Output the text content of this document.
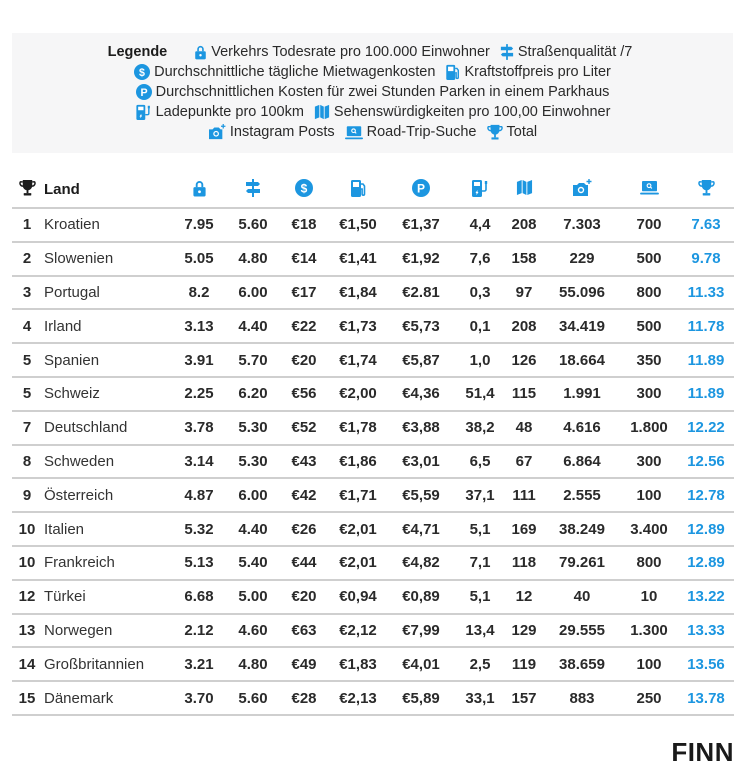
Legende	Verkehrs Todesrate pro 100.000 Einwohner Straßenqualität /7
Durchschnittliche tägliche Mietwagenkosten Kraftstoffpreis pro Liter
Durchschnittlichen Kosten für zwei Stunden Parken in einem Parkhaus
Ladepunkte pro 100km Sehenswürdigkeiten pro 100,00 Einwohner
Instagram Posts Road-Trip-Suche Total
	Land	

1	Kroatien	7.95	5.60	€18	€1,50	€1,37	4,4	208	7.303	700	7.63
2	Slowenien	5.05	4.80	€14	€1,41	€1,92	7,6	158	229	500	9.78
3	Portugal	8.2	6.00	€17	€1,84	€2.81	0,3	97	55.096	800	11.33
4	Irland	3.13	4.40	€22	€1,73	€5,73	0,1	208	34.419	500	11.78
5	Spanien	3.91	5.70	€20	€1,74	€5,87	1,0	126	18.664	350	11.89
5	Schweiz	2.25	6.20	€56	€2,00	€4,36	51,4	115	1.991	300	11.89
7	Deutschland	3.78	5.30	€52	€1,78	€3,88	38,2	48	4.616	1.800	12.22
8	Schweden	3.14	5.30	€43	€1,86	€3,01	6,5	67	6.864	300	12.56
9	Österreich	4.87	6.00	€42	€1,71	€5,59	37,1	111	2.555	100	12.78
10	Italien	5.32	4.40	€26	€2,01	€4,71	5,1	169	38.249	3.400	12.89
10	Frankreich	5.13	5.40	€44	€2,01	€4,82	7,1	118	79.261	800	12.89
12	Türkei	6.68	5.00	€20	€0,94	€0,89	5,1	12	40	10	13.22
13	Norwegen	2.12	4.60	€63	€2,12	€7,99	13,4	129	29.555	1.300	13.33
14	Großbritannien	3.21	4.80	€49	€1,83	€4,01	2,5	119	38.659	100	13.56
15	Dänemark	3.70	5.60	€28	€2,13	€5,89	33,1	157	883	250	13.78
FINN
